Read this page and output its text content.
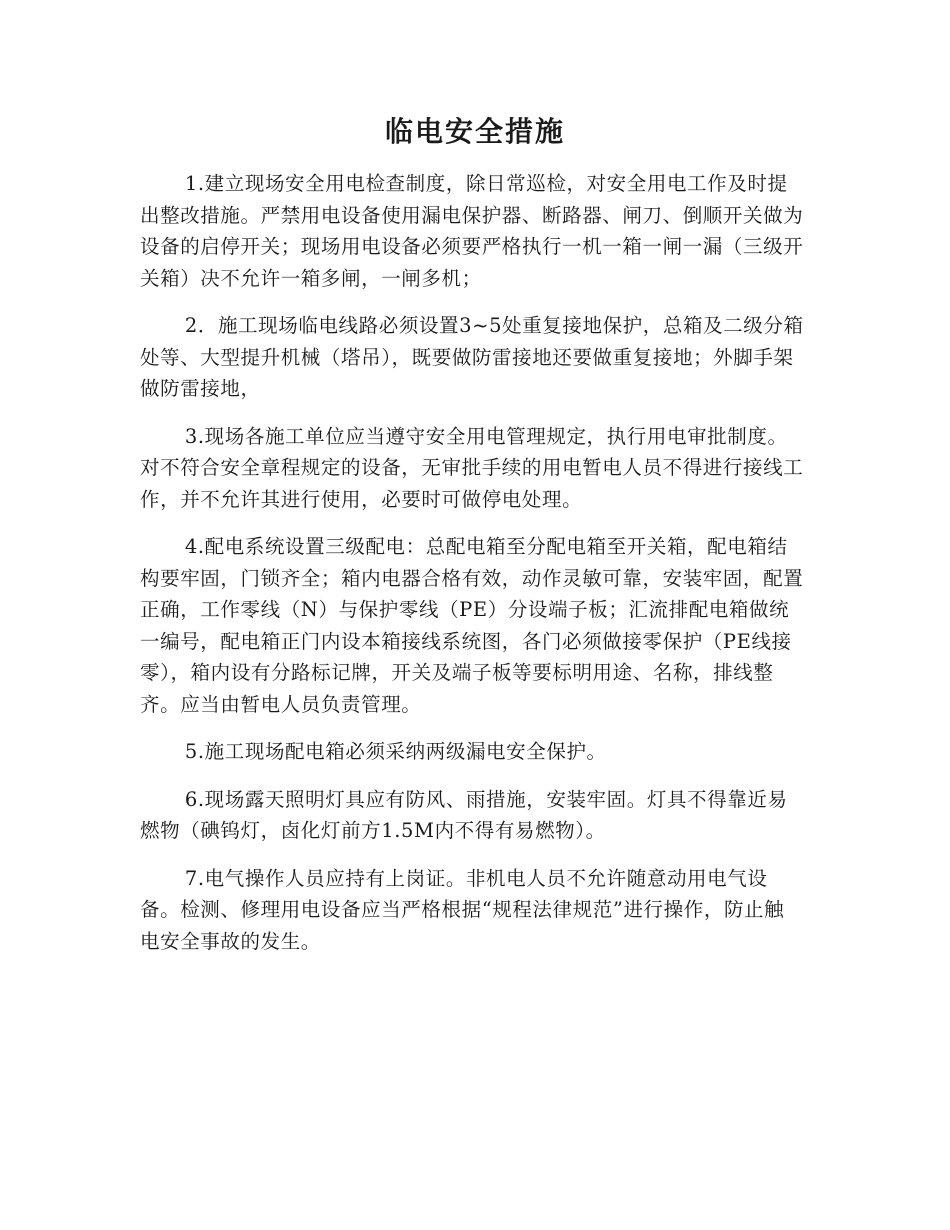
临电安全措施

1.建立现场安全用电检查制度，除日常巡检，对安全用电工作及时提出整改措施。严禁用电设备使用漏电保护器、断路器、闸刀、倒顺开关做为设备的启停开关；现场用电设备必须要严格执行一机一箱一闸一漏（三级开关箱）决不允许一箱多闸，一闸多机；

2．施工现场临电线路必须设置3~5处重复接地保护，总箱及二级分箱处等、大型提升机械（塔吊），既要做防雷接地还要做重复接地；外脚手架做防雷接地，

3.现场各施工单位应当遵守安全用电管理规定，执行用电审批制度。对不符合安全章程规定的设备，无审批手续的用电暂电人员不得进行接线工作，并不允许其进行使用，必要时可做停电处理。

4.配电系统设置三级配电：总配电箱至分配电箱至开关箱，配电箱结构要牢固，门锁齐全；箱内电器合格有效，动作灵敏可靠，安装牢固，配置正确，工作零线（N）与保护零线（PE）分设端子板；汇流排配电箱做统一编号，配电箱正门内设本箱接线系统图，各门必须做接零保护（PE线接零），箱内设有分路标记牌，开关及端子板等要标明用途、名称，排线整齐。应当由暂电人员负责管理。

5.施工现场配电箱必须采纳两级漏电安全保护。

6.现场露天照明灯具应有防风、雨措施，安装牢固。灯具不得靠近易燃物（碘钨灯，卤化灯前方1.5M内不得有易燃物）。

7.电气操作人员应持有上岗证。非机电人员不允许随意动用电气设备。检测、修理用电设备应当严格根据“规程法律规范”进行操作，防止触电安全事故的发生。
